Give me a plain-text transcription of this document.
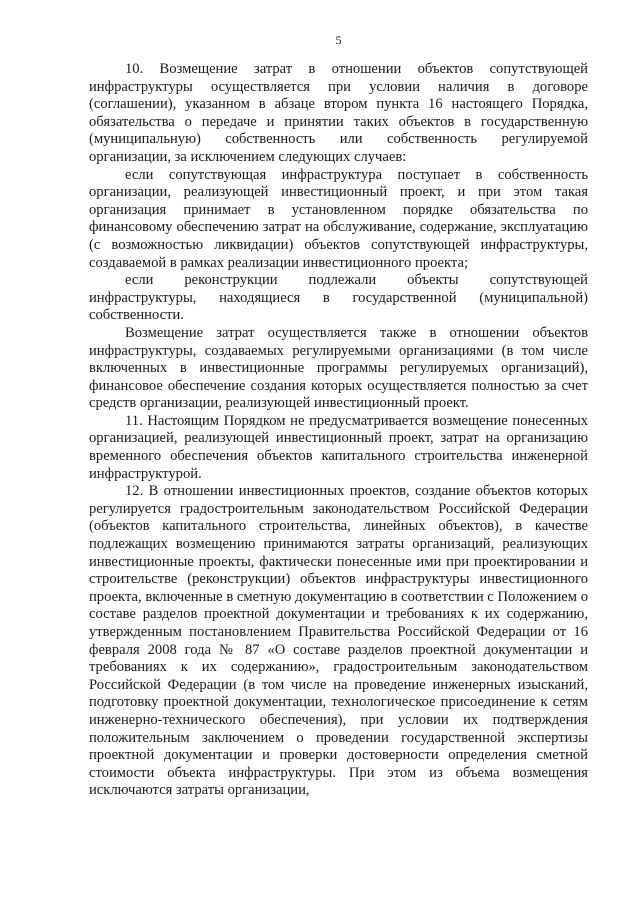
5

10. Возмещение затрат в отношении объектов сопутствующей инфраструктуры осуществляется при условии наличия в договоре (соглашении), указанном в абзаце втором пункта 16 настоящего Порядка, обязательства о передаче и принятии таких объектов в государственную (муниципальную) собственность или собственность регулируемой организации, за исключением следующих случаев:

если сопутствующая инфраструктура поступает в собственность организации, реализующей инвестиционный проект, и при этом такая организация принимает в установленном порядке обязательства по финансовому обеспечению затрат на обслуживание, содержание, эксплуатацию (с возможностью ликвидации) объектов сопутствующей инфраструктуры, создаваемой в рамках реализации инвестиционного проекта;

если реконструкции подлежали объекты сопутствующей инфраструктуры, находящиеся в государственной (муниципальной) собственности.

Возмещение затрат осуществляется также в отношении объектов инфраструктуры, создаваемых регулируемыми организациями (в том числе включенных в инвестиционные программы регулируемых организаций), финансовое обеспечение создания которых осуществляется полностью за счет средств организации, реализующей инвестиционный проект.

11. Настоящим Порядком не предусматривается возмещение понесенных организацией, реализующей инвестиционный проект, затрат на организацию временного обеспечения объектов капитального строительства инженерной инфраструктурой.

12. В отношении инвестиционных проектов, создание объектов которых регулируется градостроительным законодательством Российской Федерации (объектов капитального строительства, линейных объектов), в качестве подлежащих возмещению принимаются затраты организаций, реализующих инвестиционные проекты, фактически понесенные ими при проектировании и строительстве (реконструкции) объектов инфраструктуры инвестиционного проекта, включенные в сметную документацию в соответствии с Положением о составе разделов проектной документации и требованиях к их содержанию, утвержденным постановлением Правительства Российской Федерации от 16 февраля 2008 года № 87 «О составе разделов проектной документации и требованиях к их содержанию», градостроительным законодательством Российской Федерации (в том числе на проведение инженерных изысканий, подготовку проектной документации, технологическое присоединение к сетям инженерно-технического обеспечения), при условии их подтверждения положительным заключением о проведении государственной экспертизы проектной документации и проверки достоверности определения сметной стоимости объекта инфраструктуры. При этом из объема возмещения исключаются затраты организации,
